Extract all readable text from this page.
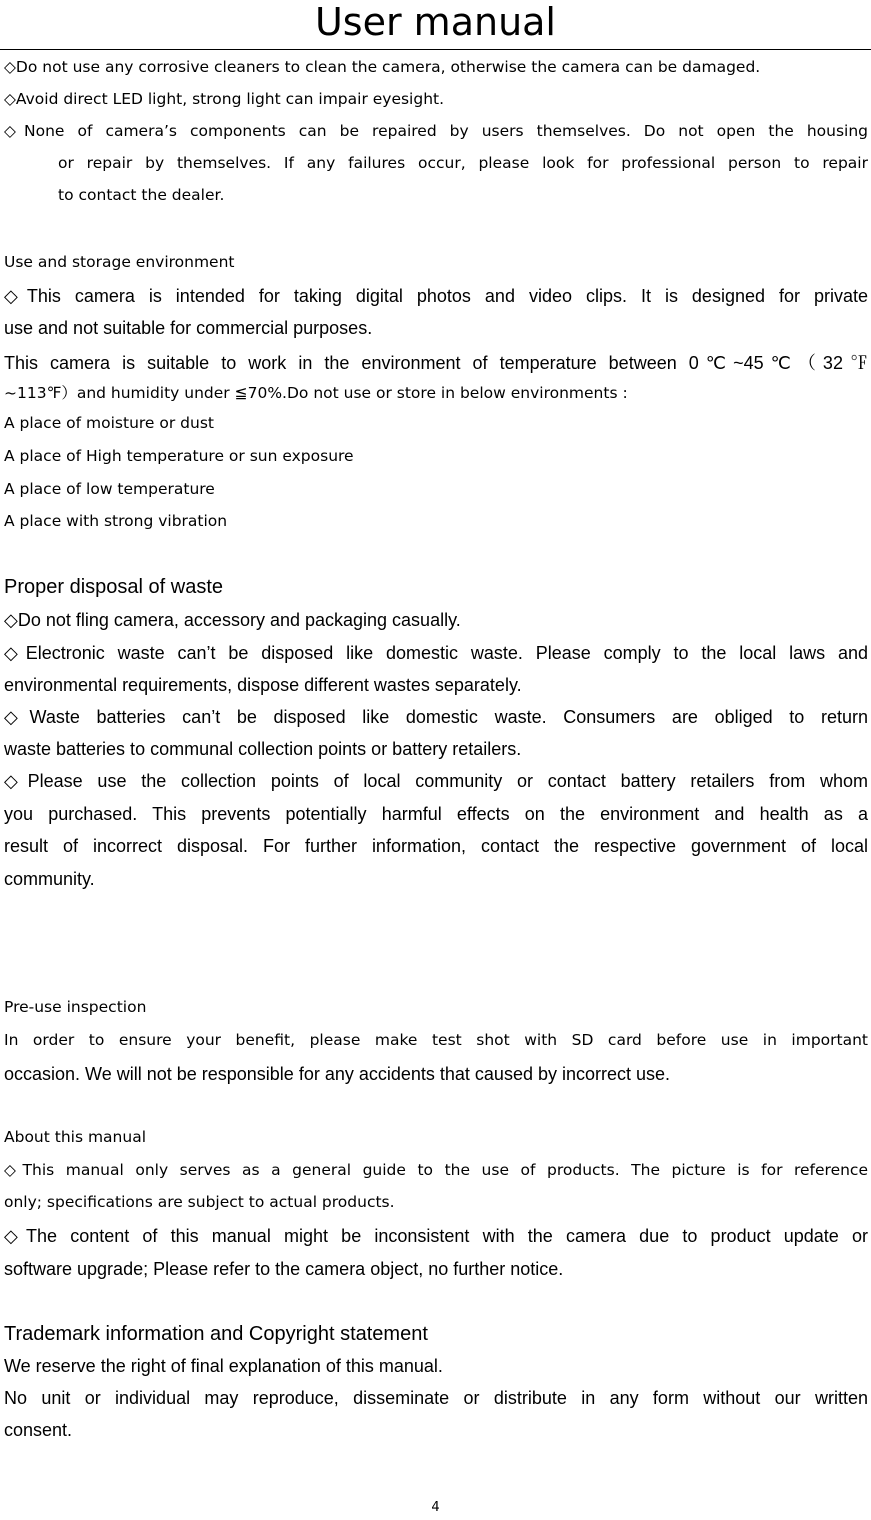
User manual
◇Do not use any corrosive cleaners to clean the camera, otherwise the camera can be damaged.
◇Avoid direct LED light, strong light can impair eyesight.
◇None of camera’s components can be repaired by users themselves. Do not open the housing
or repair by themselves. If any failures occur, please look for professional person to repair
to contact the dealer.
Use and storage environment
◇This camera is intended for taking digital photos and video clips. It is designed for private
use and not suitable for commercial purposes.
This camera is suitable to work in the environment of temperature between 0℃~45℃（32℉
~113℉）and humidity under ≦70%.Do not use or store in below environments :
A place of moisture or dust
A place of High temperature or sun exposure
A place of low temperature
A place with strong vibration
Proper disposal of waste
◇Do not fling camera, accessory and packaging casually.
◇Electronic waste can’t be disposed like domestic waste. Please comply to the local laws and
environmental requirements, dispose different wastes separately.
◇Waste batteries can’t be disposed like domestic waste. Consumers are obliged to return
waste batteries to communal collection points or battery retailers.
◇Please use the collection points of local community or contact battery retailers from whom
you purchased. This prevents potentially harmful effects on the environment and health as a
result of incorrect disposal. For further information, contact the respective government of local
community.
Pre-use inspection
In order to ensure your benefit, please make test shot with SD card before use in important
occasion. We will not be responsible for any accidents that caused by incorrect use.
About this manual
◇This manual only serves as a general guide to the use of products. The picture is for reference
only; specifications are subject to actual products.
◇The content of this manual might be inconsistent with the camera due to product update or
software upgrade; Please refer to the camera object, no further notice.
Trademark information and Copyright statement
We reserve the right of final explanation of this manual.
No unit or individual may reproduce, disseminate or distribute in any form without our written
consent.
4
